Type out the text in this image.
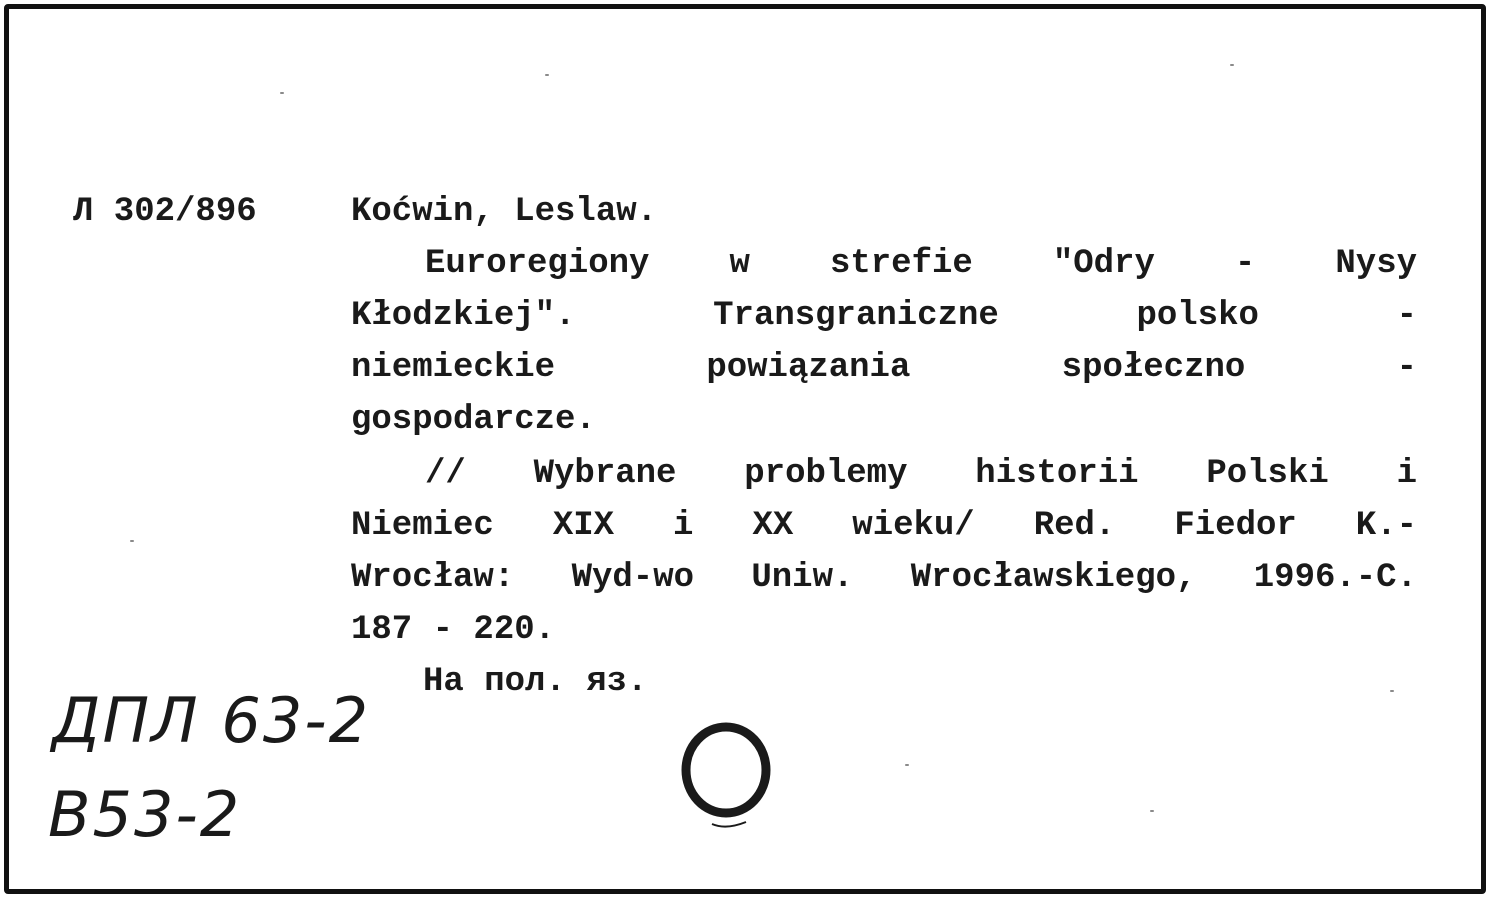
Л 302/896	Koćwin, Leslaw.
Euroregiony w strefie "Odry - Nysy
Kłodzkiej". Transgraniczne polsko -
niemieckie powiązania społeczno -
gospodarcze.
// Wybrane problemy historii Polski i
Niemiec XIX i XX wieku/ Red. Fiedor K.-
Wrocław: Wyd-wo Uniw. Wrocławskiego, 1996.-C.
187 - 220.
На пол. яз.
ДПЛ 63-2
B53-2
